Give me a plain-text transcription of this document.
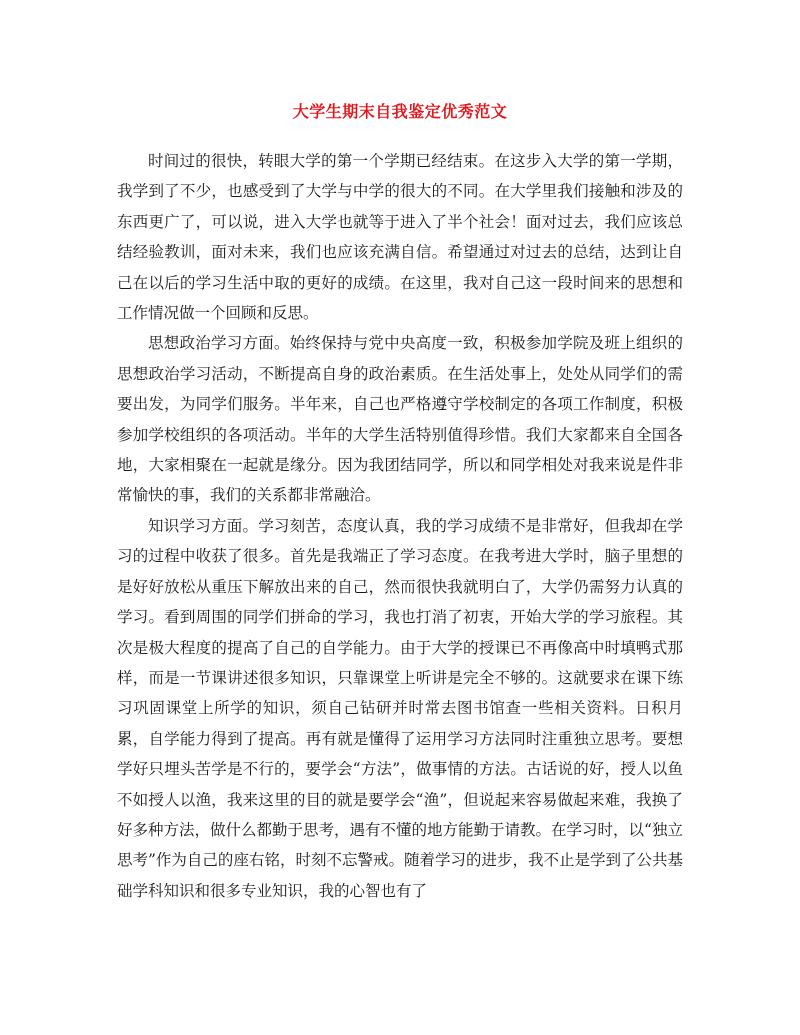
大学生期末自我鉴定优秀范文

时间过的很快，转眼大学的第一个学期已经结束。在这步入大学的第一学期，我学到了不少，也感受到了大学与中学的很大的不同。在大学里我们接触和涉及的东西更广了，可以说，进入大学也就等于进入了半个社会！面对过去，我们应该总结经验教训，面对未来，我们也应该充满自信。希望通过对过去的总结，达到让自己在以后的学习生活中取的更好的成绩。在这里，我对自己这一段时间来的思想和工作情况做一个回顾和反思。

思想政治学习方面。始终保持与党中央高度一致，积极参加学院及班上组织的思想政治学习活动，不断提高自身的政治素质。在生活处事上，处处从同学们的需要出发，为同学们服务。半年来，自己也严格遵守学校制定的各项工作制度，积极参加学校组织的各项活动。半年的大学生活特别值得珍惜。我们大家都来自全国各地，大家相聚在一起就是缘分。因为我团结同学，所以和同学相处对我来说是件非常愉快的事，我们的关系都非常融洽。

知识学习方面。学习刻苦，态度认真，我的学习成绩不是非常好，但我却在学习的过程中收获了很多。首先是我端正了学习态度。在我考进大学时，脑子里想的是好好放松从重压下解放出来的自己，然而很快我就明白了，大学仍需努力认真的学习。看到周围的同学们拼命的学习，我也打消了初衷，开始大学的学习旅程。其次是极大程度的提高了自己的自学能力。由于大学的授课已不再像高中时填鸭式那样，而是一节课讲述很多知识，只靠课堂上听讲是完全不够的。这就要求在课下练习巩固课堂上所学的知识，须自己钻研并时常去图书馆查一些相关资料。日积月累，自学能力得到了提高。再有就是懂得了运用学习方法同时注重独立思考。要想学好只埋头苦学是不行的，要学会“方法”，做事情的方法。古话说的好，授人以鱼不如授人以渔，我来这里的目的就是要学会“渔”，但说起来容易做起来难，我换了好多种方法，做什么都勤于思考，遇有不懂的地方能勤于请教。在学习时，以“独立思考”作为自己的座右铭，时刻不忘警戒。随着学习的进步，我不止是学到了公共基础学科知识和很多专业知识，我的心智也有了
